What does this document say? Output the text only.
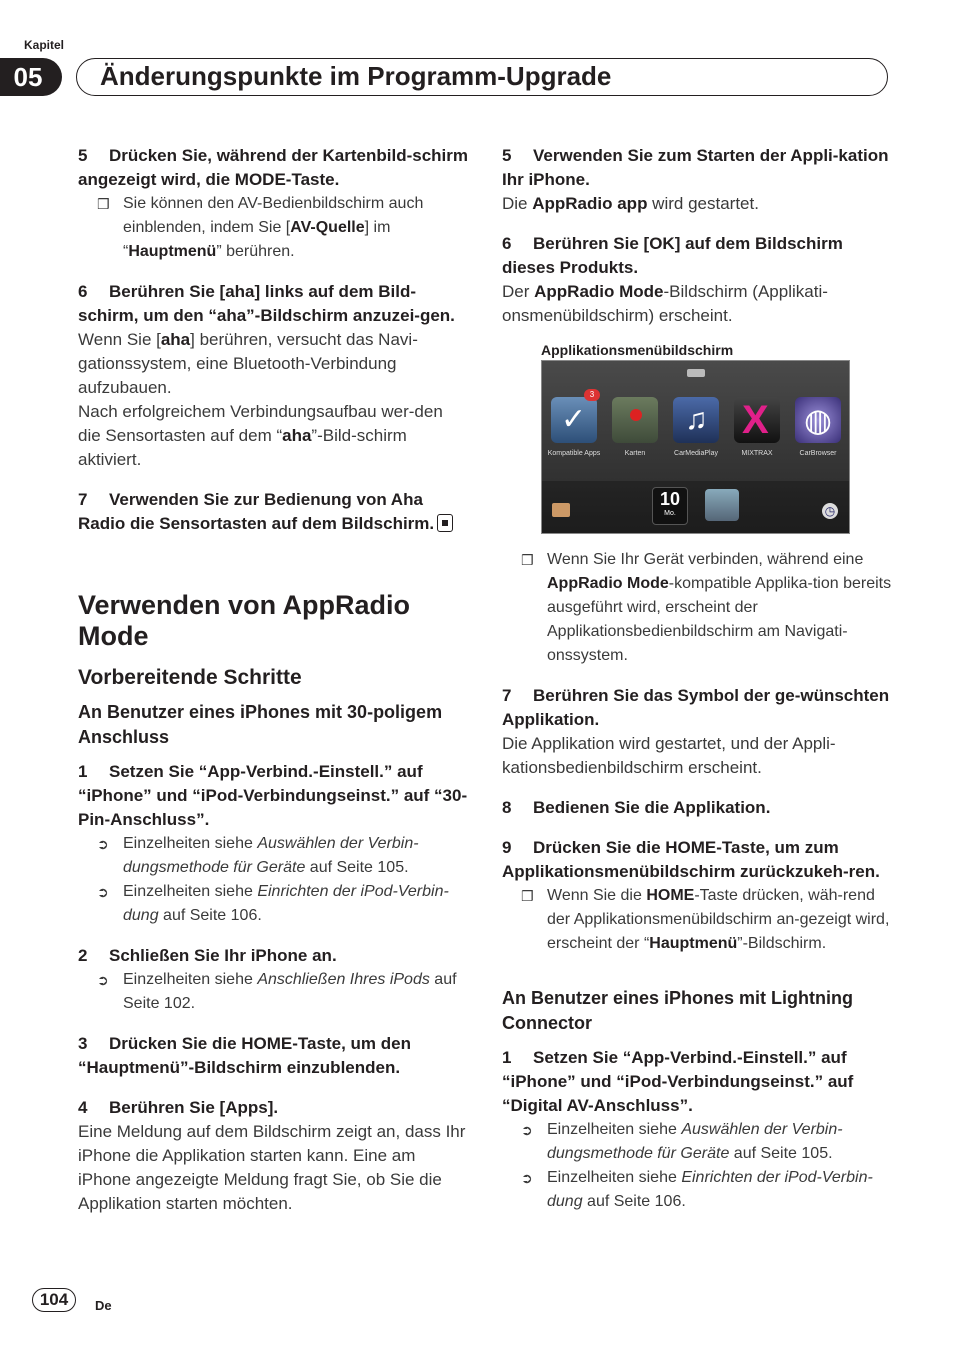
Kapitel
05	Änderungspunkte im Programm-Upgrade

5 Drücken Sie, während der Kartenbild-schirm angezeigt wird, die MODE-Taste.

❒ Sie können den AV-Bedienbildschirm auch einblenden, indem Sie [AV-Quelle] im “Hauptmenü” berühren.

6 Berühren Sie [aha] links auf dem Bild-schirm, um den “aha”-Bildschirm anzuzei-gen.

Wenn Sie [aha] berühren, versucht das Navi-gationssystem, eine Bluetooth-Verbindung aufzubauen.

Nach erfolgreichem Verbindungsaufbau wer-den die Sensortasten auf dem “aha”-Bild-schirm aktiviert.

7 Verwenden Sie zur Bedienung von Aha Radio die Sensortasten auf dem Bildschirm.

Verwenden von AppRadio Mode
Vorbereitende Schritte
An Benutzer eines iPhones mit 30-poligem Anschluss

1 Setzen Sie “App-Verbind.-Einstell.” auf “iPhone” und “iPod-Verbindungseinst.” auf “30-Pin-Anschluss”.

➲ Einzelheiten siehe Auswählen der Verbin-dungsmethode für Geräte auf Seite 105.
➲ Einzelheiten siehe Einrichten der iPod-Verbin-dung auf Seite 106.

2 Schließen Sie Ihr iPhone an.

➲ Einzelheiten siehe Anschließen Ihres iPods auf Seite 102.

3 Drücken Sie die HOME-Taste, um den “Hauptmenü”-Bildschirm einzublenden.

4 Berühren Sie [Apps].

Eine Meldung auf dem Bildschirm zeigt an, dass Ihr iPhone die Applikation starten kann. Eine am iPhone angezeigte Meldung fragt Sie, ob Sie die Applikation starten möchten.

5 Verwenden Sie zum Starten der Appli-kation Ihr iPhone.

Die AppRadio app wird gestartet.

6 Berühren Sie [OK] auf dem Bildschirm dieses Produkts.

Der AppRadio Mode-Bildschirm (Applikati-onsmenübildschirm) erscheint.

Applikationsmenübildschirm
✓
3
♫ X ◍
Kompatible Apps	Karten	CarMediaPlay	MIXTRAX	CarBrowser
10
Mo.	◷
❒ Wenn Sie Ihr Gerät verbinden, während eine AppRadio Mode-kompatible Applika-tion bereits ausgeführt wird, erscheint der Applikationsbedienbildschirm am Navigati-onssystem.

7 Berühren Sie das Symbol der ge-wünschten Applikation.

Die Applikation wird gestartet, und der Appli-kationsbedienbildschirm erscheint.

8 Bedienen Sie die Applikation.

9 Drücken Sie die HOME-Taste, um zum Applikationsmenübildschirm zurückzukeh-ren.

❒ Wenn Sie die HOME-Taste drücken, wäh-rend der Applikationsmenübildschirm an-gezeigt wird, erscheint der “Hauptmenü”-Bildschirm.
An Benutzer eines iPhones mit Lightning Connector

1 Setzen Sie “App-Verbind.-Einstell.” auf “iPhone” und “iPod-Verbindungseinst.” auf “Digital AV-Anschluss”.

➲ Einzelheiten siehe Auswählen der Verbin-dungsmethode für Geräte auf Seite 105.
➲ Einzelheiten siehe Einrichten der iPod-Verbin-dung auf Seite 106.
104	De
